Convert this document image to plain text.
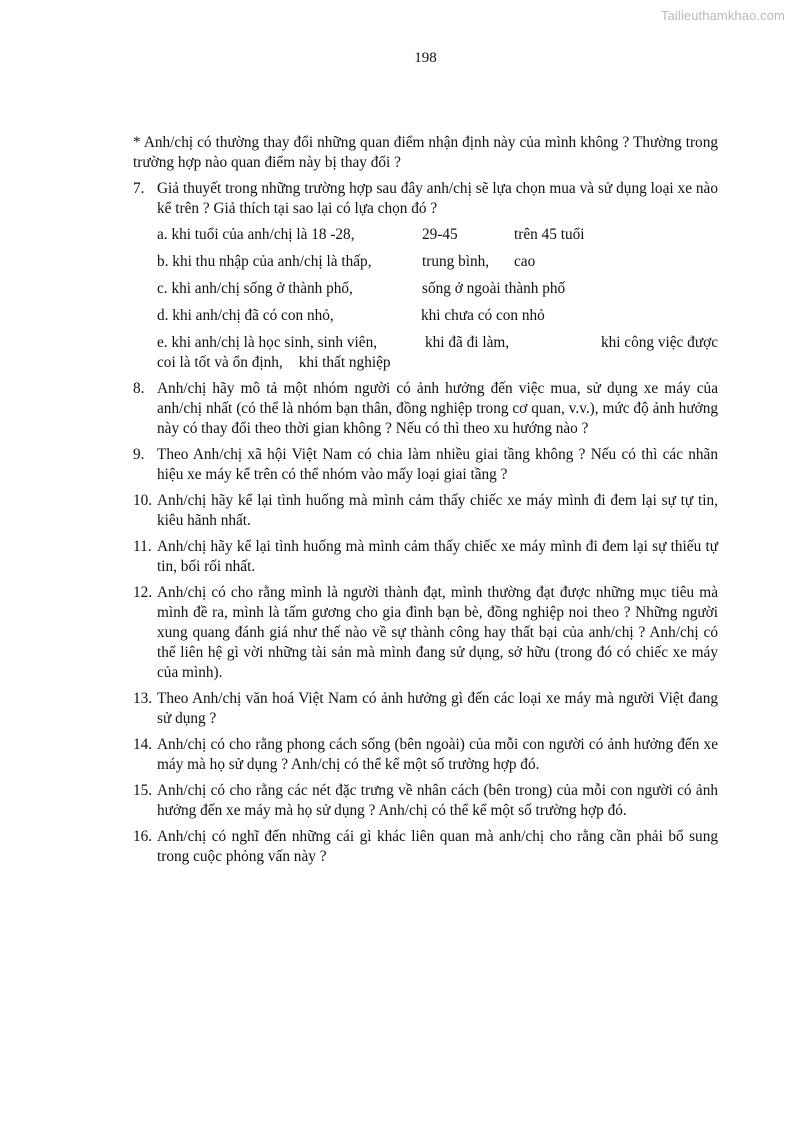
Tailieuthamkhao.com
198

* Anh/chị có thường thay đổi những quan điểm nhận định này của mình không ? Thường trong trường hợp nào quan điểm này bị thay đổi ?

7. Giả thuyết trong những trường hợp sau đây anh/chị sẽ lựa chọn mua và sử dụng loại xe nào kể trên ? Giả thích tại sao lại có lựa chọn đó ?
a. khi tuổi của anh/chị là 18 -28,	29-45	trên 45 tuổi
b. khi thu nhập của anh/chị là thấp,	trung bình,	cao
c. khi anh/chị sống ở thành phố,	sống ở ngoài thành phố
d. khi anh/chị đã có con nhỏ,	khi chưa có con nhỏ
e. khi anh/chị là học sinh, sinh viên,	khi đã đi làm,	khi công việc được
coi là tốt và ổn định, khi thất nghiệp
8. Anh/chị hãy mô tả một nhóm người có ảnh hưởng đến việc mua, sử dụng xe máy của anh/chị nhất (có thể là nhóm bạn thân, đồng nghiệp trong cơ quan, v.v.), mức độ ảnh hưởng này có thay đổi theo thời gian không ? Nếu có thì theo xu hướng nào ?
9. Theo Anh/chị xã hội Việt Nam có chia làm nhiều giai tầng không ? Nếu có thì các nhãn hiệu xe máy kể trên có thể nhóm vào mấy loại giai tầng ?
10. Anh/chị hãy kể lại tình huống mà mình cảm thấy chiếc xe máy mình đi đem lại sự tự tin, kiêu hãnh nhất.
11. Anh/chị hãy kể lại tình huống mà mình cảm thấy chiếc xe máy mình đi đem lại sự thiếu tự tin, bối rối nhất.
12. Anh/chị có cho rằng mình là người thành đạt, mình thường đạt được những mục tiêu mà mình đề ra, mình là tấm gương cho gia đình bạn bè, đồng nghiệp noi theo ? Những người xung quang đánh giá như thế nào về sự thành công hay thất bại của anh/chị ? Anh/chị có thể liên hệ gì vời những tài sản mà mình đang sử dụng, sở hữu (trong đó có chiếc xe máy của mình).
13. Theo Anh/chị văn hoá Việt Nam có ảnh hưởng gì đến các loại xe máy mà người Việt đang sử dụng ?
14. Anh/chị có cho rằng phong cách sống (bên ngoài) của mỗi con người có ảnh hưởng đến xe máy mà họ sử dụng ? Anh/chị có thể kể một số trường hợp đó.
15. Anh/chị có cho rằng các nét đặc trưng về nhân cách (bên trong) của mỗi con người có ảnh hưởng đến xe máy mà họ sử dụng ? Anh/chị có thể kể một số trường hợp đó.
16. Anh/chị có nghĩ đến những cái gì khác liên quan mà anh/chị cho rằng cần phải bổ sung trong cuộc phỏng vấn này ?
